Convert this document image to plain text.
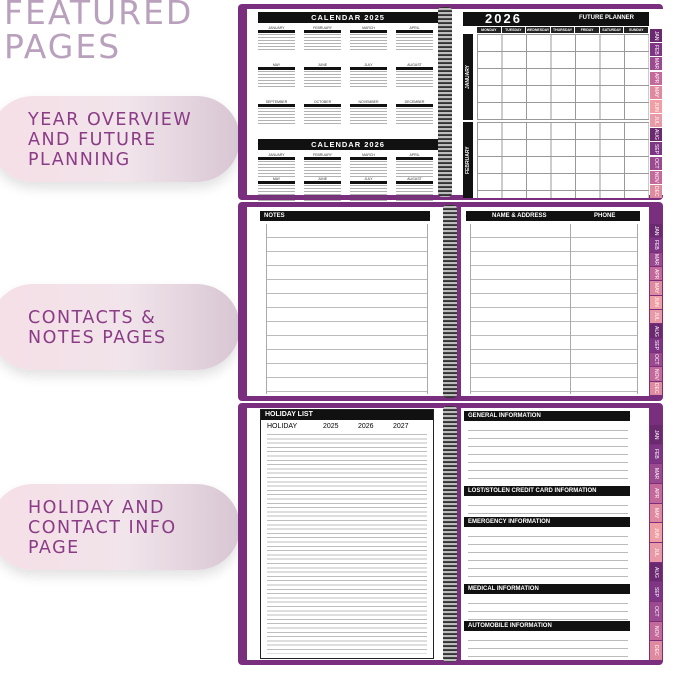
FEATURED
PAGES
YEAR OVERVIEW
AND FUTURE
PLANNING
CONTACTS &
NOTES PAGES
HOLIDAY AND
CONTACT INFO
PAGE
CALENDAR 2025
JANUARY	FEBRUARY	MARCH	APRIL
MAY	JUNE	JULY	AUGUST
SEPTEMBER	OCTOBER	NOVEMBER	DECEMBER
CALENDAR 2026
JANUARY	FEBRUARY	MARCH	APRIL
MAY	JUNE	JULY	AUGUST
2026	FUTURE PLANNER
MONDAY	TUESDAY	WEDNESDAY	THURSDAY	FRIDAY	SATURDAY	SUNDAY
JANUARY
FEBRUARY
JAN
FEB
MAR
APR
MAY
JUN
JUL
AUG
SEP
OCT
NOV
DEC
NOTES	NAME & ADDRESS	PHONE
JAN
FEB
MAR
APR
MAY
JUN
JUL
AUG
SEP
OCT
NOV
DEC
HOLIDAY LIST
HOLIDAY	2025	2026	2027
GENERAL INFORMATION
LOST/STOLEN CREDIT CARD INFORMATION
EMERGENCY INFORMATION
MEDICAL INFORMATION
AUTOMOBILE INFORMATION
JAN
FEB
MAR
APR
MAY
JUN
JUL
AUG
SEP
OCT
NOV
DEC
